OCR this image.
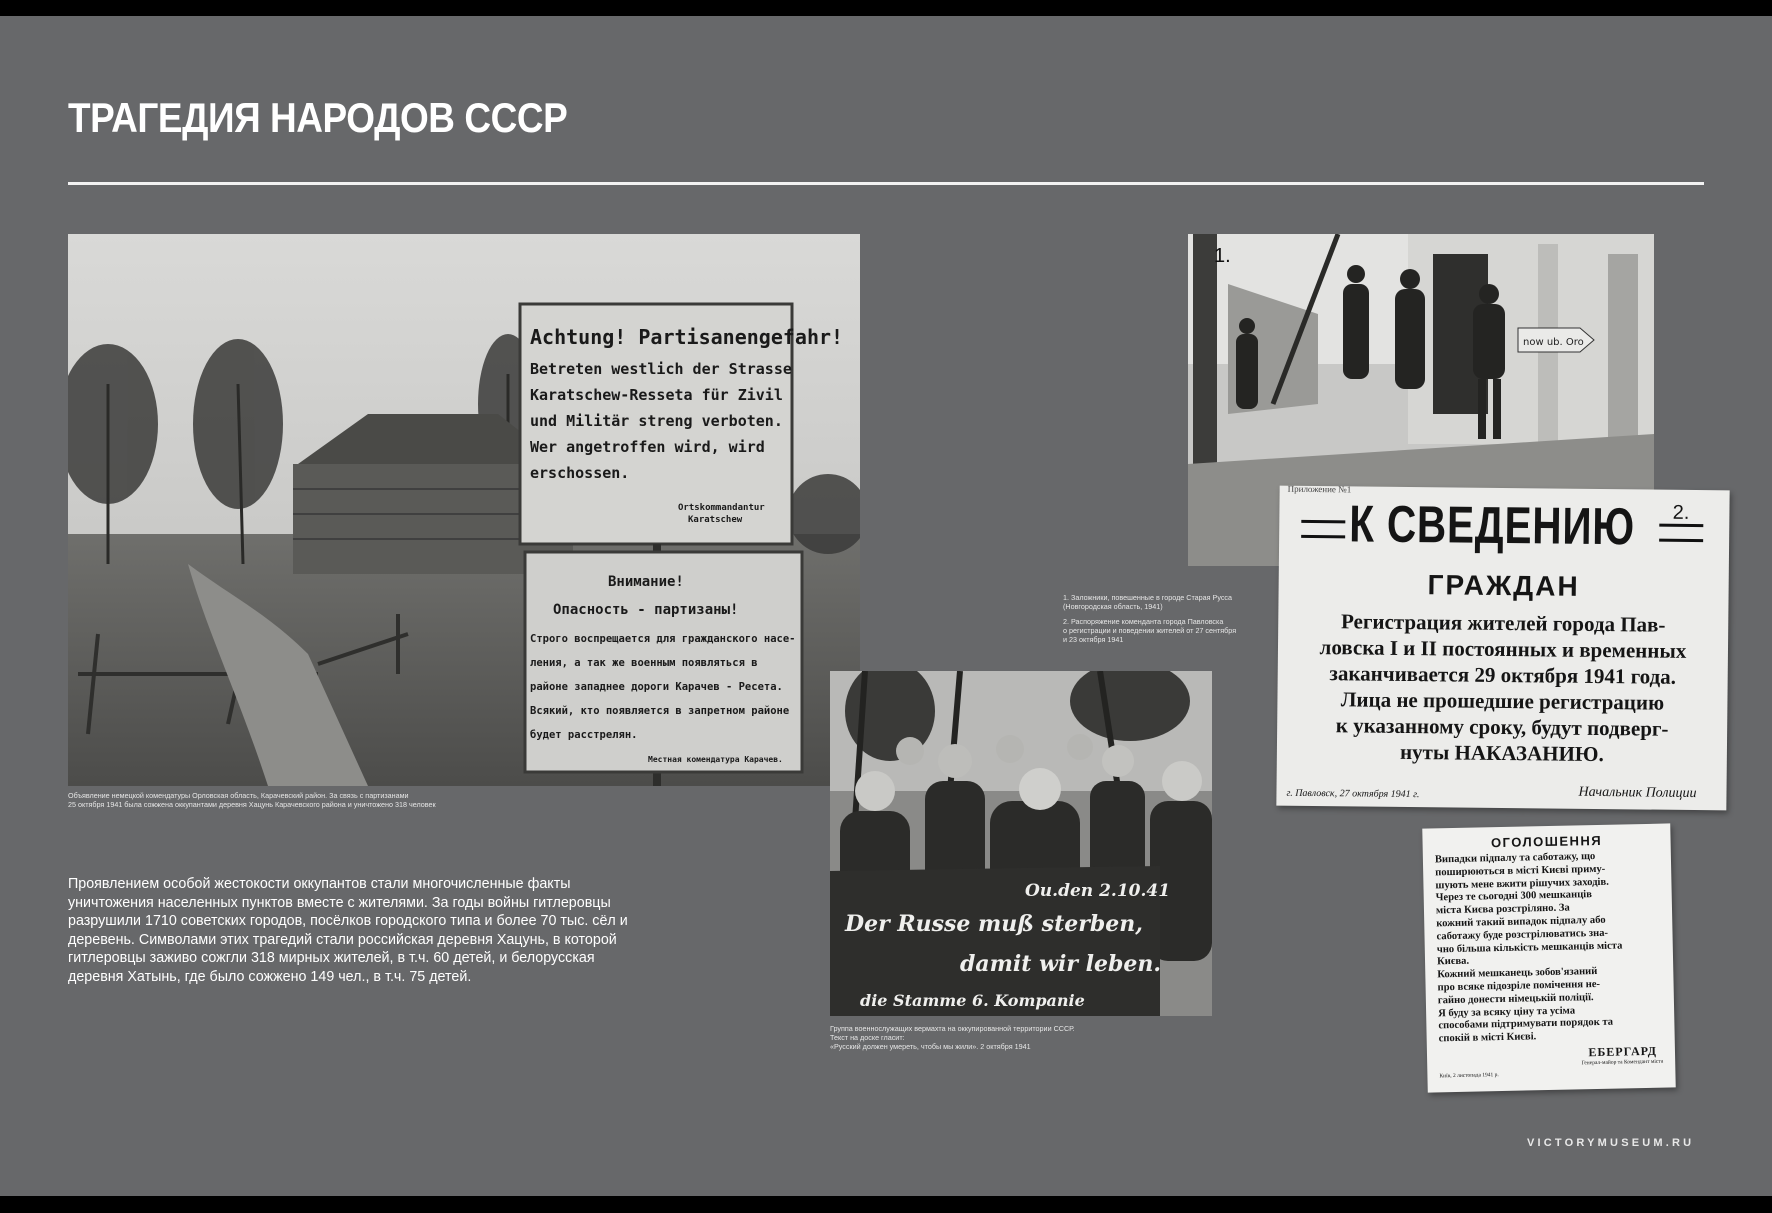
ТРАГЕДИЯ НАРОДОВ СССР
Achtung! Partisanengefahr!
Betreten westlich der Strasse
Karatschew-Resseta für Zivil
und Militär streng verboten.
Wer angetroffen wird, wird
erschossen.
Ortskommandantur
Karatschew
Внимание!
Опасность - партизаны!
Строго воспрещается для гражданского насе-
ления, а так же военным появляться в
районе западнее дороги Карачев - Ресета.
Всякий, кто появляется в запретном районе
будет расстрелян.
Местная комендатура Карачев.
Объявление немецкой комендатуры Орловская область, Карачевский район. За связь с партизанами
25 октября 1941 была сожжена оккупантами деревня Хацунь Карачевского района и уничтожено 318 человек
Проявлением особой жестокости оккупантов стали многочисленные факты уничтожения населенных пунктов вместе с жителями. За годы войны гитлеровцы разрушили 1710 советских городов, посёлков городского типа и более 70 тыс. сёл и деревень. Символами этих трагедий стали российская деревня Хацунь, в которой гитлеровцы заживо сожгли 318 мирных жителей, в т.ч. 60 детей, и белорусская деревня Хатынь, где было сожжено 149 чел., в т.ч. 75 детей.
Ou.den 2.10.41
Der Russe muß sterben,
damit wir leben.
die Stamme 6. Kompanie
Группа военнослужащих вермахта на оккупированной территории СССР.
Текст на доске гласит:
«Русский должен умереть, чтобы мы жили». 2 октября 1941
now ub. Oro
1.
1. Заложники, повешенные в городе Старая Русса
(Новгородская область, 1941)
2. Распоряжение коменданта города Павловска
о регистрации и поведении жителей от 27 сентября
и 23 октября 1941
Приложение №1
2.
К СВЕДЕНИЮ
ГРАЖДАН
Регистрация жителей города Пав-
ловска I и II постоянных и временных
заканчивается 29 октября 1941 года.
Лица не прошедшие регистрацию
к указанному сроку, будут подверг-
нуты НАКАЗАНИЮ.
г. Павловск, 27 октября 1941 г.	Начальник Полиции
ОГОЛОШЕННЯ
Випадки підпалу та саботажу, що
поширюються в місті Києві приму-
шують мене вжити рішучих заходів.
Через те сьогодні 300 мешканців
міста Києва розстріляно. За
кожний такий випадок підпалу або
саботажу буде розстрілюватись зна-
чно більша кількість мешканців міста
Києва.
Кожний мешканець зобов'язаний
про всяке підозріле помічення не-
гайно донести німецькій поліції.
Я буду за всяку ціну та усіма
способами підтримувати порядок та
спокій в місті Києві.
ЕБЕРГАРД
Генерал-майор та Комендант міста
Київ, 2 листопада 1941 р.
VICTORYMUSEUM.RU
